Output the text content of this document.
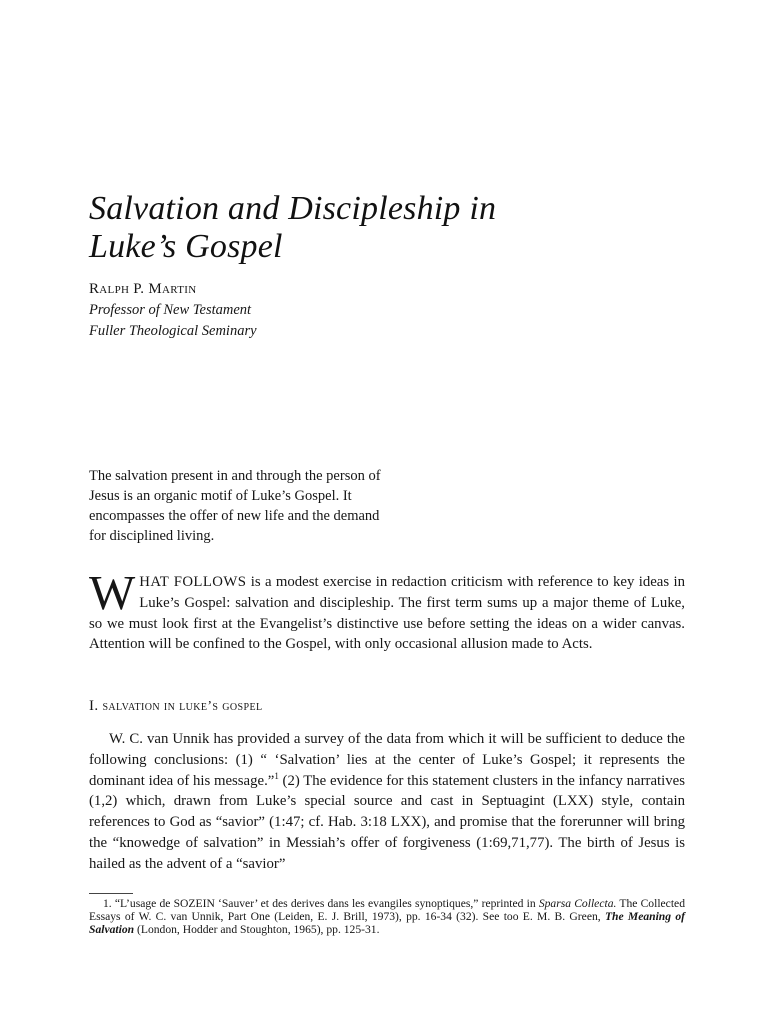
Salvation and Discipleship in
Luke’s Gospel
Ralph P. Martin
Professor of New Testament
Fuller Theological Seminary

The salvation present in and through the person of
Jesus is an organic motif of Luke’s Gospel. It
encompasses the offer of new life and the demand
for disciplined living.

WHAT FOLLOWS is a modest exercise in redaction criticism with reference to key ideas in Luke’s Gospel: salvation and discipleship. The first term sums up a major theme of Luke, so we must look first at the Evangelist’s distinctive use before setting the ideas on a wider canvas. Attention will be confined to the Gospel, with only occasional allusion made to Acts.

I. salvation in luke’s gospel

W. C. van Unnik has provided a survey of the data from which it will be sufficient to deduce the following conclusions: (1) “ ‘Salvation’ lies at the center of Luke’s Gospel; it represents the dominant idea of his message.”$^1$ (2) The evidence for this statement clusters in the infancy narratives (1,2) which, drawn from Luke’s special source and cast in Septuagint (LXX) style, contain references to God as “savior” (1:47; cf. Hab. 3:18 LXX), and promise that the forerunner will bring the “knowedge of salvation” in Messiah’s offer of forgiveness (1:69,71,77). The birth of Jesus is hailed as the advent of a “savior”

1. “L’usage de SOZEIN ‘Sauver’ et des derives dans les evangiles synoptiques,” reprinted in Sparsa Collecta. The Collected Essays of W. C. van Unnik, Part One (Leiden, E. J. Brill, 1973), pp. 16-34 (32). See too E. M. B. Green, The Meaning of Salvation (London, Hodder and Stoughton, 1965), pp. 125-31.
